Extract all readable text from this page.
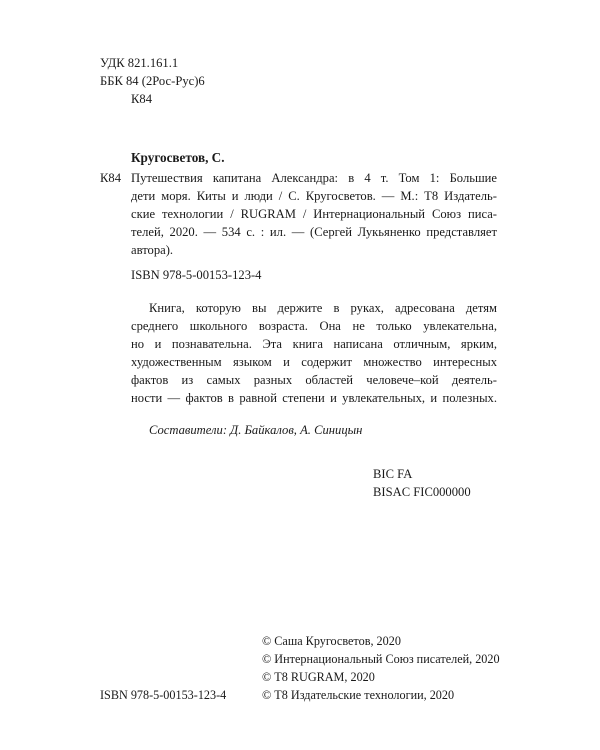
УДК 821.161.1
ББК 84 (2Рос-Рус)6
К84
Кругосветов, С.
К84 Путешествия капитана Александра: в 4 т. Том 1: Большие
дети моря. Киты и люди / С. Кругосветов. — М.: Т8 Издатель-
ские технологии / RUGRAM / Интернациональный Союз писа-
телей, 2020. — 534 с. : ил. — (Сергей Лукьяненко представляет
автора).
ISBN 978-5-00153-123-4
Книга, которую вы держите в руках, адресована детям
среднего школьного возраста. Она не только увлекательна,
но и познавательна. Эта книга написана отличным, ярким,
художественным языком и содержит множество интересных
фактов из самых разных областей человече–кой деятель-
ности — фактов в равной степени и увлекательных, и полезных.
Составители: Д. Байкалов, А. Синицын
BIC FA
BISAC FIC000000
© Саша Кругосветов, 2020
© Интернациональный Союз писателей, 2020
© Т8 RUGRAM, 2020
ISBN 978-5-00153-123-4	© Т8 Издательские технологии, 2020
